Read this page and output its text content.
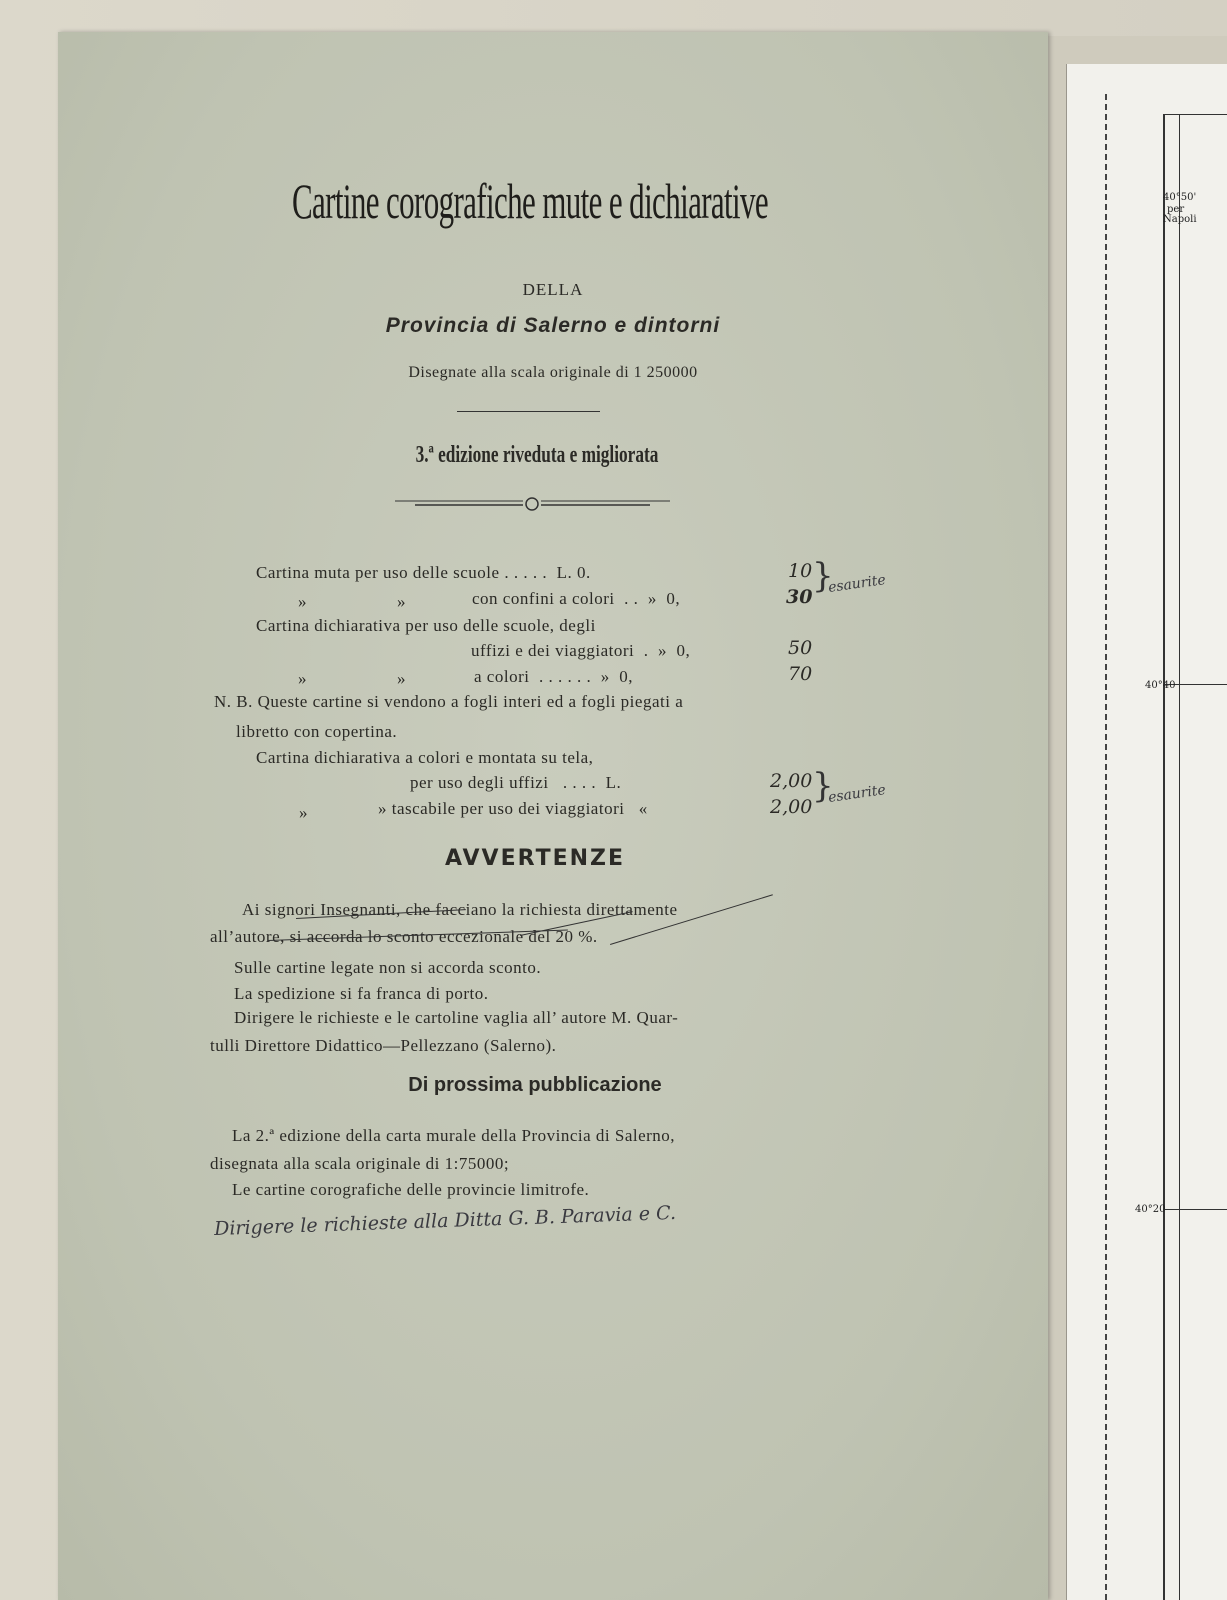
40°50'
per
Napoli
40°40
40°20
Cartine corografiche mute e dichiarative
DELLA
Provincia di Salerno e dintorni
Disegnate alla scala originale di 1 250000
3.ª edizione riveduta e migliorata
Cartina muta per uso delle scuole . . . . .  L. 0.	10
»	»	con confini a colori  . .  »  0,	30
}
esaurite
Cartina dichiarativa per uso delle scuole, degli
uffizi e dei viaggiatori  .  »  0,	50
»	»	a colori  . . . . . .  »  0,	70
N. B. Queste cartine si vendono a fogli interi ed a fogli piegati a
libretto con copertina.
Cartina dichiarativa a colori e montata su tela,
per uso degli uffizi   . . . .  L.	2,00
»	» tascabile per uso dei viaggiatori   «	2,00
}
esaurite
AVVERTENZE
Ai signori Insegnanti, che facciano la richiesta direttamente
all’autore, si accorda lo sconto eccezionale del 20 %.
Sulle cartine legate non si accorda sconto.
La spedizione si fa franca di porto.
Dirigere le richieste e le cartoline vaglia all’ autore M. Quar-
tulli Direttore Didattico—Pellezzano (Salerno).
Di prossima pubblicazione
La 2.ª edizione della carta murale della Provincia di Salerno,
disegnata alla scala originale di 1:75000;
Le cartine corografiche delle provincie limitrofe.
Dirigere le richieste alla Ditta G. B. Paravia e C.
